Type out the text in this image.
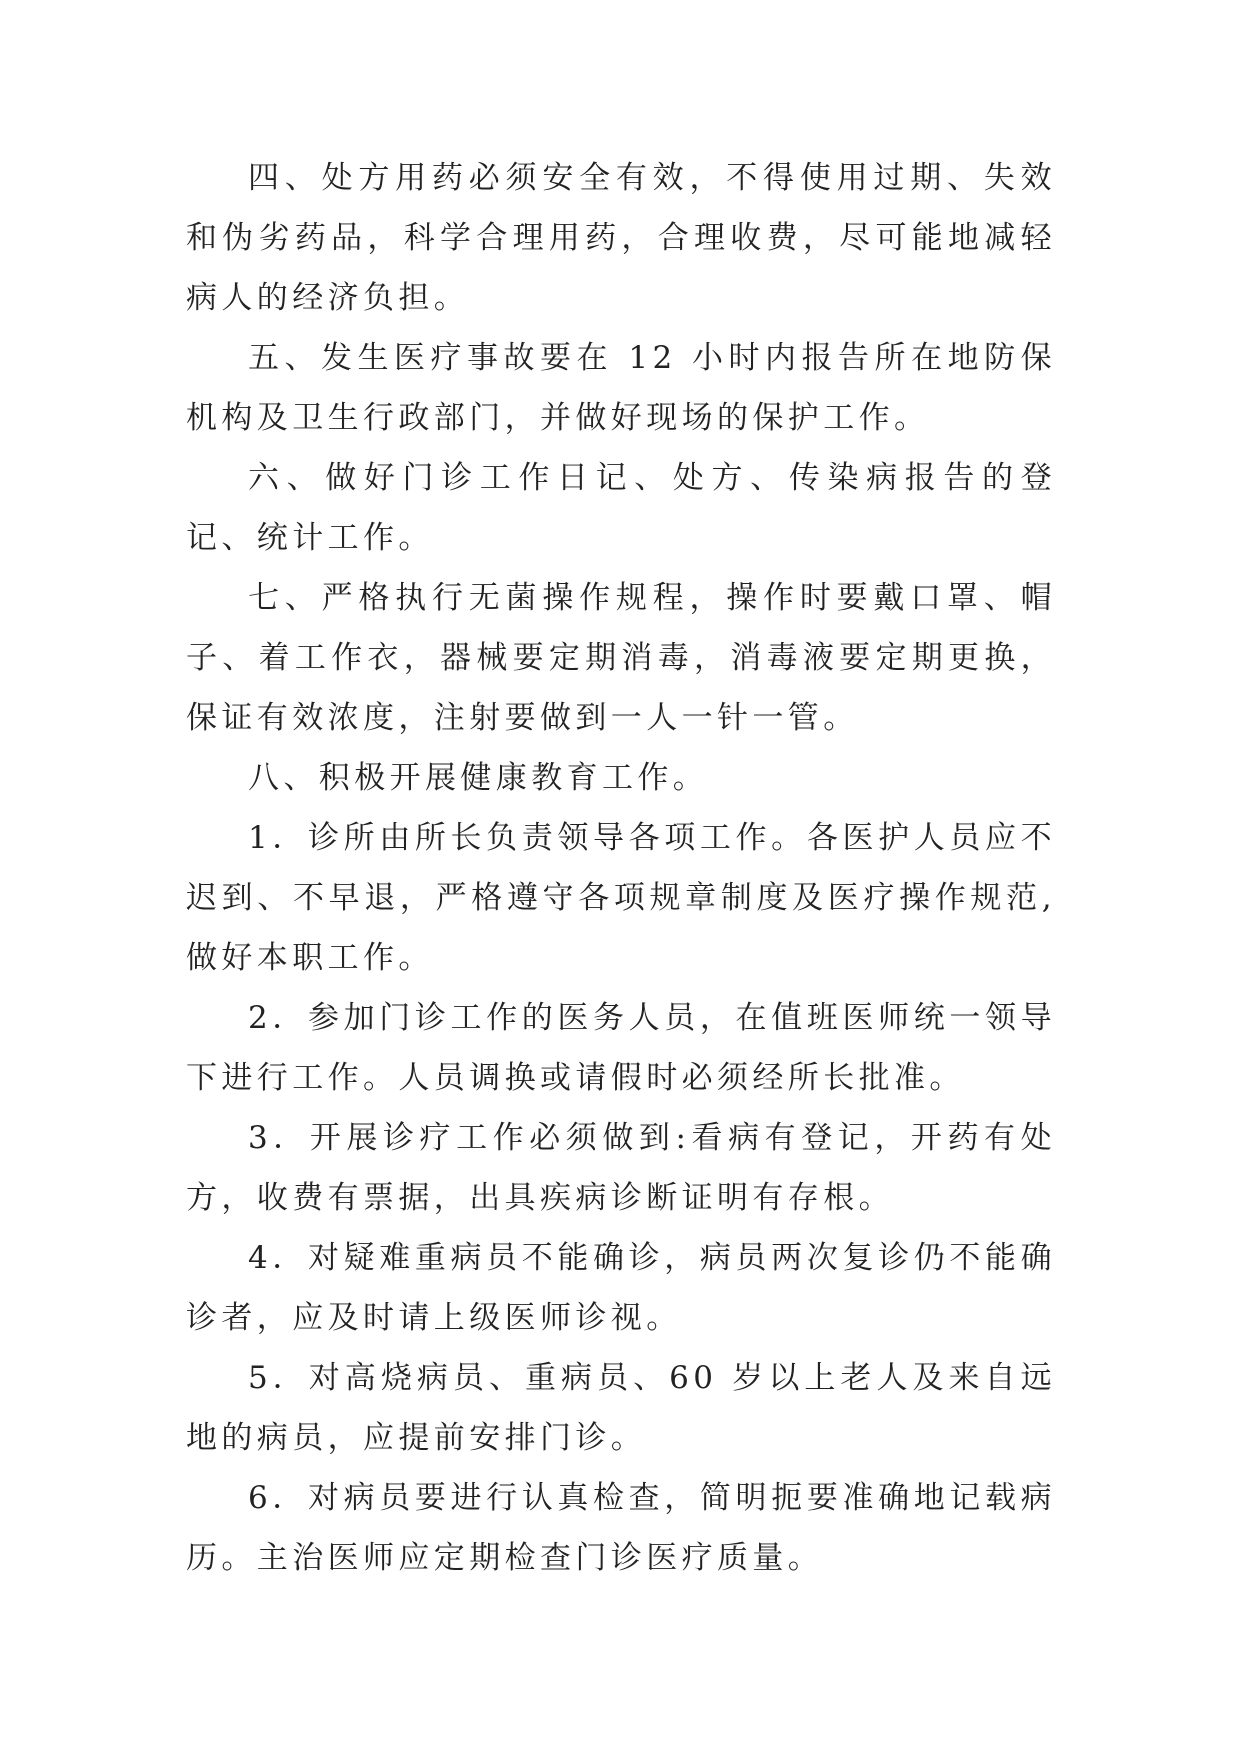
四、处方用药必须安全有效，不得使用过期、失效和伪劣药品，科学合理用药，合理收费，尽可能地减轻病人的经济负担。

五、发生医疗事故要在 12 小时内报告所在地防保机构及卫生行政部门，并做好现场的保护工作。

六、做好门诊工作日记、处方、传染病报告的登记、统计工作。

七、严格执行无菌操作规程，操作时要戴口罩、帽子、着工作衣，器械要定期消毒，消毒液要定期更换，保证有效浓度，注射要做到一人一针一管。

八、积极开展健康教育工作。

1．诊所由所长负责领导各项工作。各医护人员应不迟到、不早退，严格遵守各项规章制度及医疗操作规范,做好本职工作。

2．参加门诊工作的医务人员，在值班医师统一领导下进行工作。人员调换或请假时必须经所长批准。

3．开展诊疗工作必须做到:看病有登记，开药有处方，收费有票据，出具疾病诊断证明有存根。

4．对疑难重病员不能确诊，病员两次复诊仍不能确诊者，应及时请上级医师诊视。

5．对高烧病员、重病员、60 岁以上老人及来自远地的病员，应提前安排门诊。

6．对病员要进行认真检查，简明扼要准确地记载病历。主治医师应定期检查门诊医疗质量。
